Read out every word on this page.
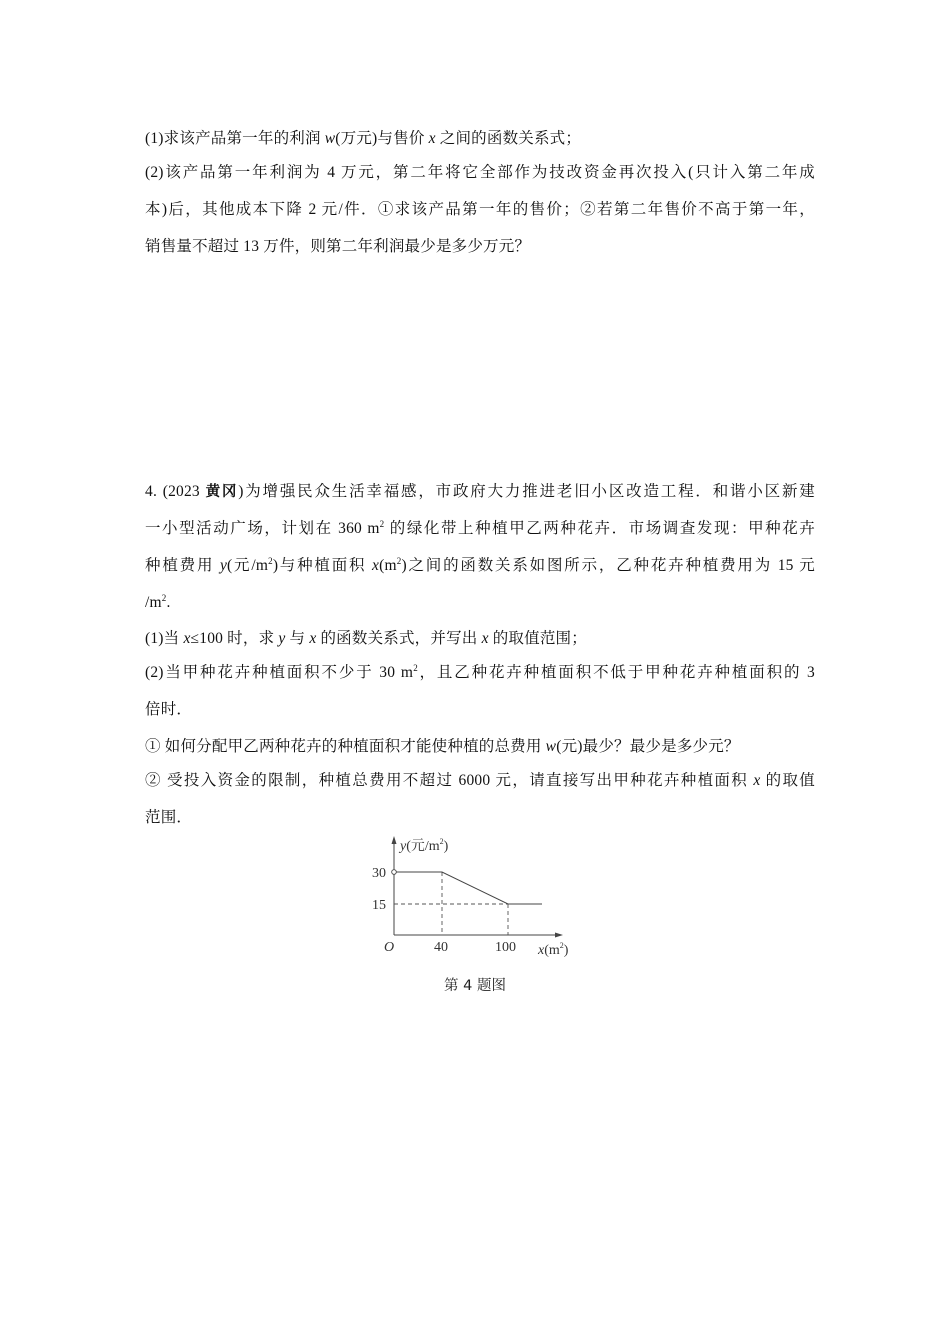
(1)求该产品第一年的利润 w(万元)与售价 x 之间的函数关系式；
(2)该产品第一年利润为 4 万元，第二年将它全部作为技改资金再次投入(只计入第二年成
本)后，其他成本下降 2 元/件．①求该产品第一年的售价；②若第二年售价不高于第一年，
销售量不超过 13 万件，则第二年利润最少是多少万元？
4. (2023 黄冈)为增强民众生活幸福感，市政府大力推进老旧小区改造工程．和谐小区新建
一小型活动广场，计划在 360 $m^2$ 的绿化带上种植甲乙两种花卉．市场调查发现：甲种花卉
种植费用 y(元$/m^2$)与种植面积 $x(m^2)$之间的函数关系如图所示，乙种花卉种植费用为 15 元
$/m^2$.
(1)当 x≤100 时，求 y 与 x 的函数关系式，并写出 x 的取值范围；
(2)当甲种花卉种植面积不少于 30 $m^2$，且乙种花卉种植面积不低于甲种花卉种植面积的 3
倍时．
① 如何分配甲乙两种花卉的种植面积才能使种植的总费用 w(元)最少？最少是多少元？
② 受投入资金的限制，种植总费用不超过 6000 元，请直接写出甲种花卉种植面积 x 的取值
范围．
y(元$/m^2$)
30
15
O	40	100 $x(m^2)$
第 4 题图
